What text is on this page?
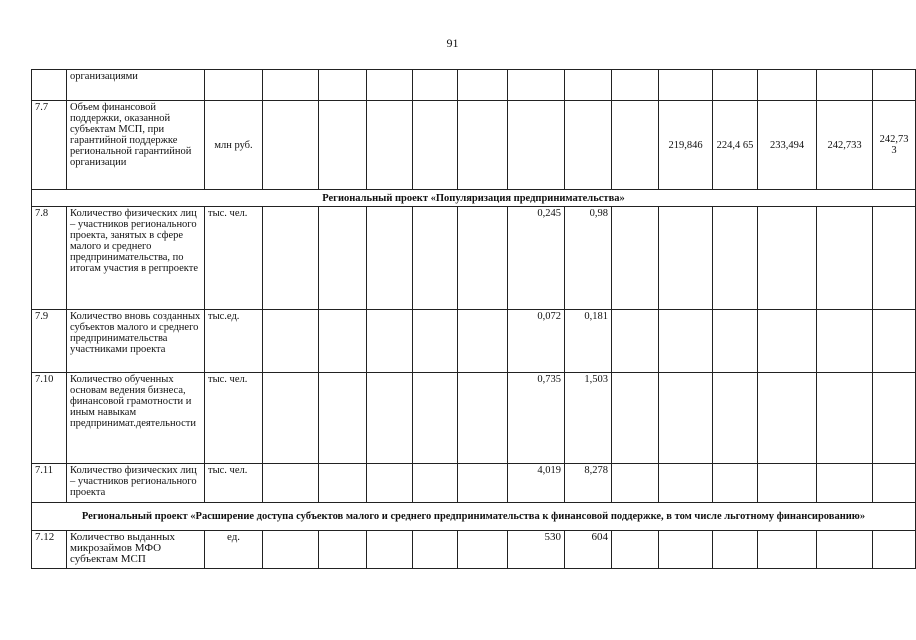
91
	организациями														
7.7	Объем финансовой поддержки, оказанной субъектам МСП, при гарантийной поддержке региональной гарантийной организации	млн руб.									219,846	224,4 65	233,494	242,733	242,73 3
Региональный проект «Популяризация предпринимательства»															
7.8	Количество физических лиц – участников регионального проекта, занятых в сфере малого и среднего предпринимательства, по итогам участия в регпроекте	тыс. чел.						0,245	0,98						
7.9	Количество вновь созданных субъектов малого и среднего предпринимательства участниками проекта	тыс.ед.						0,072	0,181						
7.10	Количество обученных основам ведения бизнеса, финансовой грамотности и иным навыкам предпринимат.деятельности	тыс. чел.						0,735	1,503						
7.11	Количество физических лиц – участников регионального проекта	тыс. чел.						4,019	8,278						
Региональный проект «Расширение доступа субъектов малого и среднего предпринимательства к финансовой поддержке, в том числе льготному финансированию»															
7.12	Количество выданных микрозаймов МФО субъектам МСП	ед.						530	604						
